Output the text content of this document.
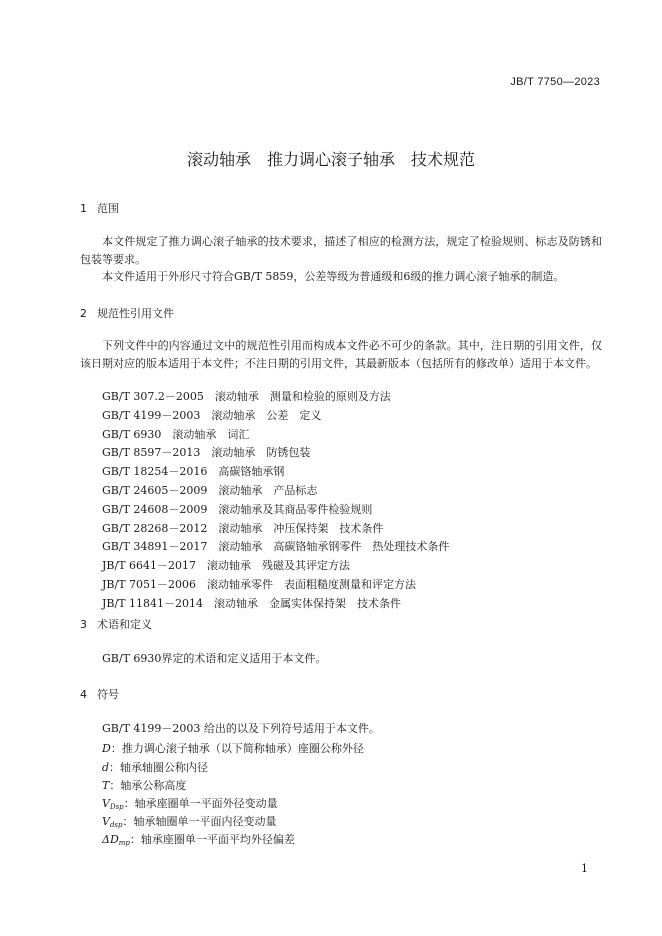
JB/T 7750—2023
滚动轴承　推力调心滚子轴承　技术规范
1 范围
本文件规定了推力调心滚子轴承的技术要求，描述了相应的检测方法，规定了检验规则、标志及防锈和包装等要求。
本文件适用于外形尺寸符合GB/T 5859，公差等级为普通级和6级的推力调心滚子轴承的制造。
2 规范性引用文件
下列文件中的内容通过文中的规范性引用而构成本文件必不可少的条款。其中，注日期的引用文件，仅该日期对应的版本适用于本文件；不注日期的引用文件，其最新版本（包括所有的修改单）适用于本文件。
GB/T 307.2－2005　滚动轴承　测量和检验的原则及方法
GB/T 4199－2003　滚动轴承　公差　定义
GB/T 6930　滚动轴承　词汇
GB/T 8597－2013　滚动轴承　防锈包装
GB/T 18254－2016　高碳铬轴承钢
GB/T 24605－2009　滚动轴承　产品标志
GB/T 24608－2009　滚动轴承及其商品零件检验规则
GB/T 28268－2012　滚动轴承　冲压保持架　技术条件
GB/T 34891－2017　滚动轴承　高碳铬轴承钢零件　热处理技术条件
JB/T 6641－2017　滚动轴承　残磁及其评定方法
JB/T 7051－2006　滚动轴承零件　表面粗糙度测量和评定方法
JB/T 11841－2014　滚动轴承　金属实体保持架　技术条件
3 术语和定义
GB/T 6930界定的术语和定义适用于本文件。
4 符号
GB/T 4199－2003 给出的以及下列符号适用于本文件。
D：推力调心滚子轴承（以下简称轴承）座圈公称外径
d：轴承轴圈公称内径
T：轴承公称高度
$V_{Dsp}$：轴承座圈单一平面外径变动量
$V_{dsp}$：轴承轴圈单一平面内径变动量
$\Delta D_{mp}$：轴承座圈单一平面平均外径偏差
1
